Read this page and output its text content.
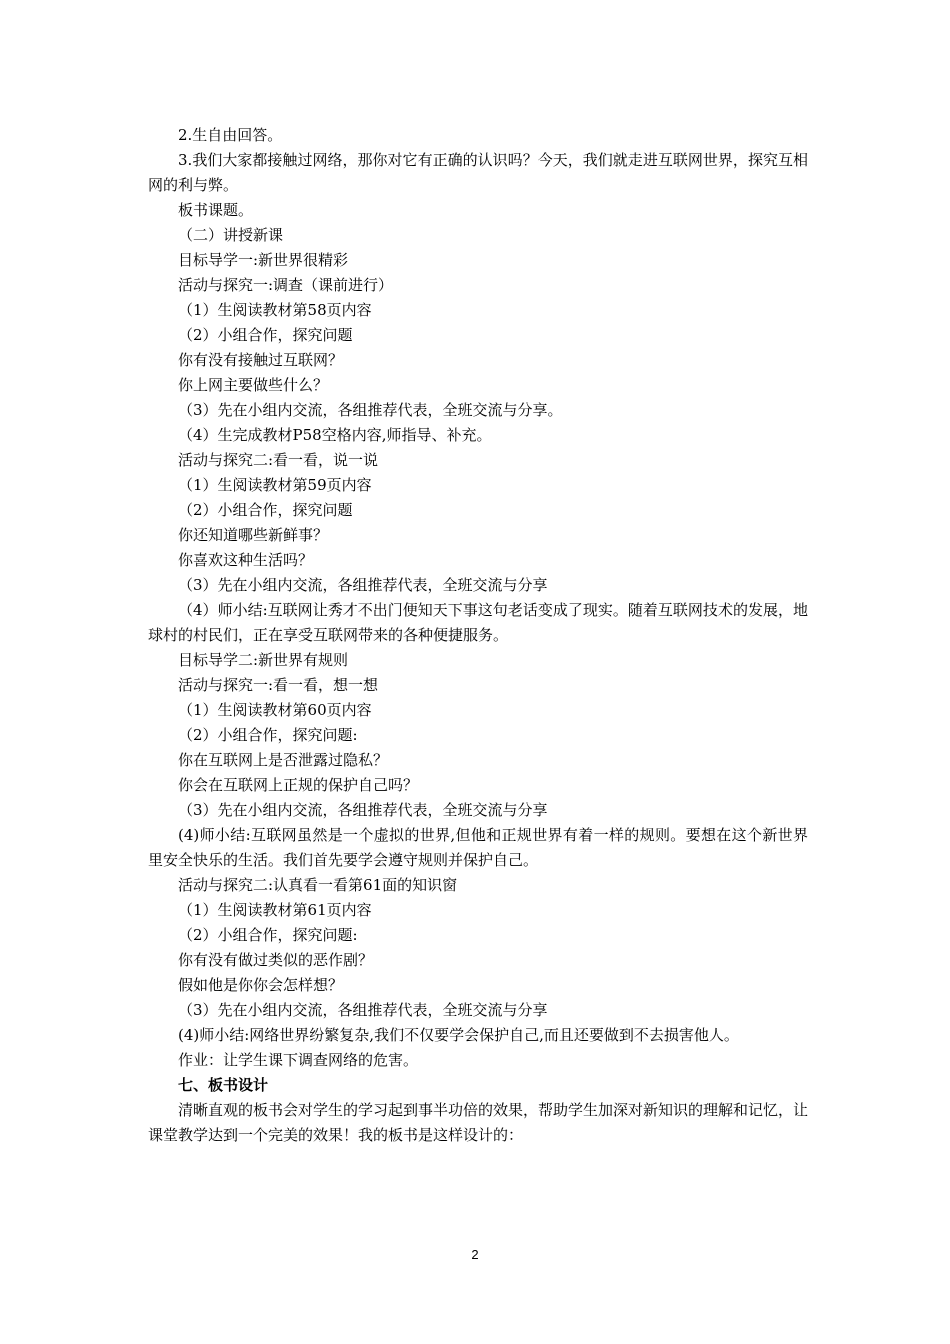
2.生自由回答。

3.我们大家都接触过网络，那你对它有正确的认识吗？今天，我们就走进互联网世界，探究互相网的利与弊。

板书课题。

（二）讲授新课

目标导学一:新世界很精彩

活动与探究一:调查（课前进行）

（1）生阅读教材第58页内容

（2）小组合作，探究问题

你有没有接触过互联网？

你上网主要做些什么？

（3）先在小组内交流，各组推荐代表，全班交流与分享。

（4）生完成教材P58空格内容,师指导、补充。

活动与探究二:看一看，说一说

（1）生阅读教材第59页内容

（2）小组合作，探究问题

你还知道哪些新鲜事？

你喜欢这种生活吗？

（3）先在小组内交流，各组推荐代表，全班交流与分享

（4）师小结:互联网让秀才不出门便知天下事这句老话变成了现实。随着互联网技术的发展，地球村的村民们，正在享受互联网带来的各种便捷服务。

目标导学二:新世界有规则

活动与探究一:看一看，想一想

（1）生阅读教材第60页内容

（2）小组合作，探究问题:

你在互联网上是否泄露过隐私？

你会在互联网上正规的保护自己吗？

（3）先在小组内交流，各组推荐代表，全班交流与分享

(4)师小结:互联网虽然是一个虚拟的世界,但他和正规世界有着一样的规则。要想在这个新世界里安全快乐的生活。我们首先要学会遵守规则并保护自己。

活动与探究二:认真看一看第61面的知识窗

（1）生阅读教材第61页内容

（2）小组合作，探究问题:

你有没有做过类似的恶作剧？

假如他是你你会怎样想？

（3）先在小组内交流，各组推荐代表，全班交流与分享

(4)师小结:网络世界纷繁复杂,我们不仅要学会保护自己,而且还要做到不去损害他人。

作业：让学生课下调查网络的危害。

七、板书设计

清晰直观的板书会对学生的学习起到事半功倍的效果，帮助学生加深对新知识的理解和记忆，让课堂教学达到一个完美的效果！我的板书是这样设计的：

2
